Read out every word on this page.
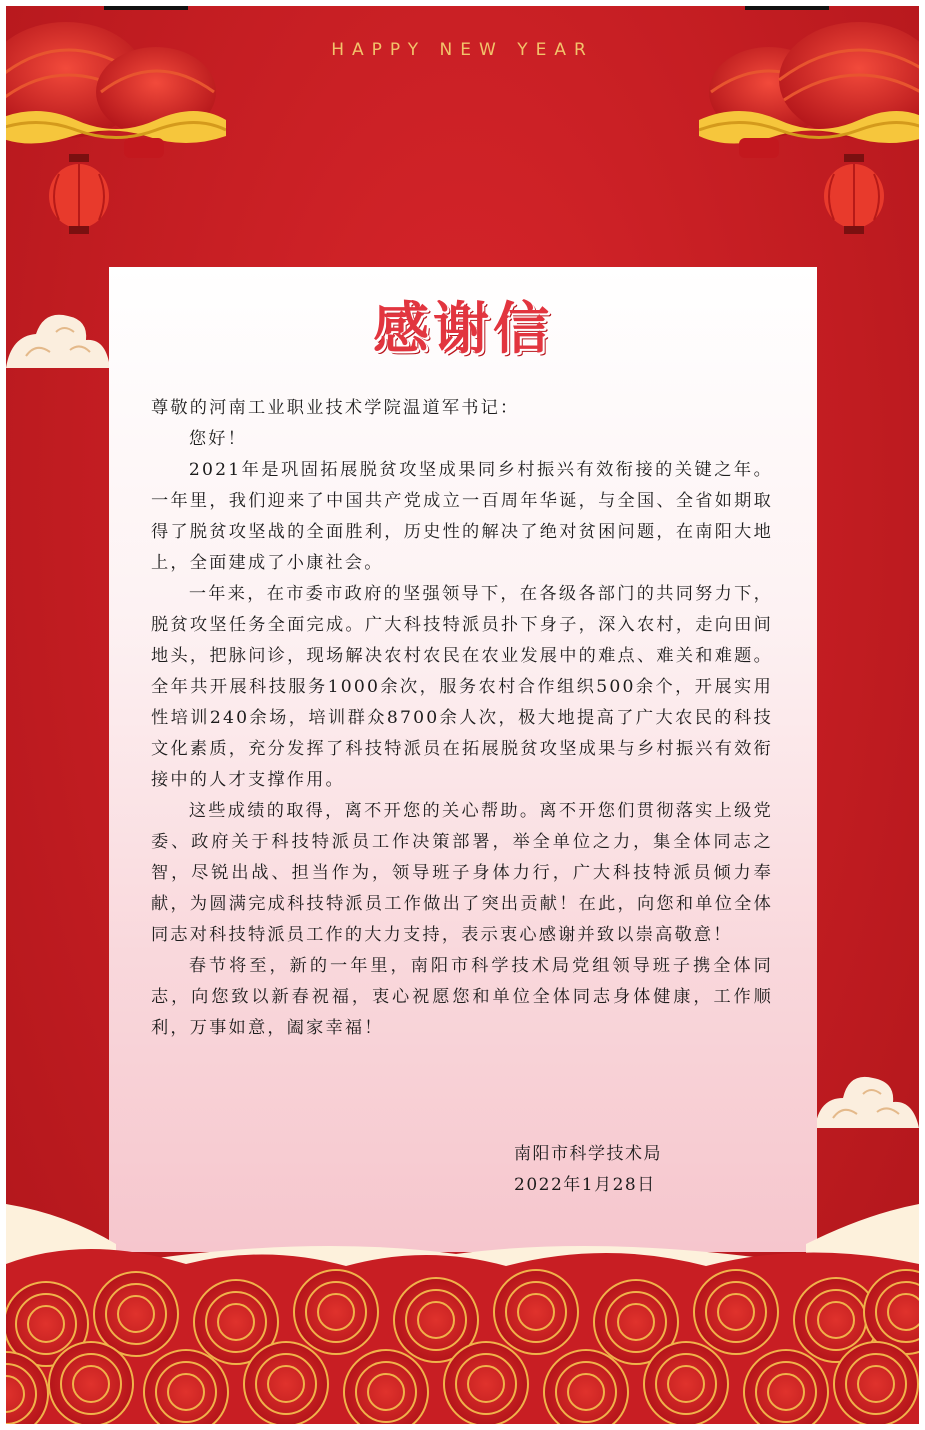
HAPPY NEW YEAR
感谢信

尊敬的河南工业职业技术学院温道军书记：

您好！

2021年是巩固拓展脱贫攻坚成果同乡村振兴有效衔接的关键之年。一年里，我们迎来了中国共产党成立一百周年华诞，与全国、全省如期取得了脱贫攻坚战的全面胜利，历史性的解决了绝对贫困问题，在南阳大地上，全面建成了小康社会。

一年来，在市委市政府的坚强领导下，在各级各部门的共同努力下，脱贫攻坚任务全面完成。广大科技特派员扑下身子，深入农村，走向田间地头，把脉问诊，现场解决农村农民在农业发展中的难点、难关和难题。全年共开展科技服务1000余次，服务农村合作组织500余个，开展实用性培训240余场，培训群众8700余人次，极大地提高了广大农民的科技文化素质，充分发挥了科技特派员在拓展脱贫攻坚成果与乡村振兴有效衔接中的人才支撑作用。

这些成绩的取得，离不开您的关心帮助。离不开您们贯彻落实上级党委、政府关于科技特派员工作决策部署，举全单位之力，集全体同志之智，尽锐出战、担当作为，领导班子身体力行，广大科技特派员倾力奉献，为圆满完成科技特派员工作做出了突出贡献！在此，向您和单位全体同志对科技特派员工作的大力支持，表示衷心感谢并致以崇高敬意！

春节将至，新的一年里，南阳市科学技术局党组领导班子携全体同志，向您致以新春祝福，衷心祝愿您和单位全体同志身体健康，工作顺利，万事如意，阖家幸福！

南阳市科学技术局
2022年1月28日
